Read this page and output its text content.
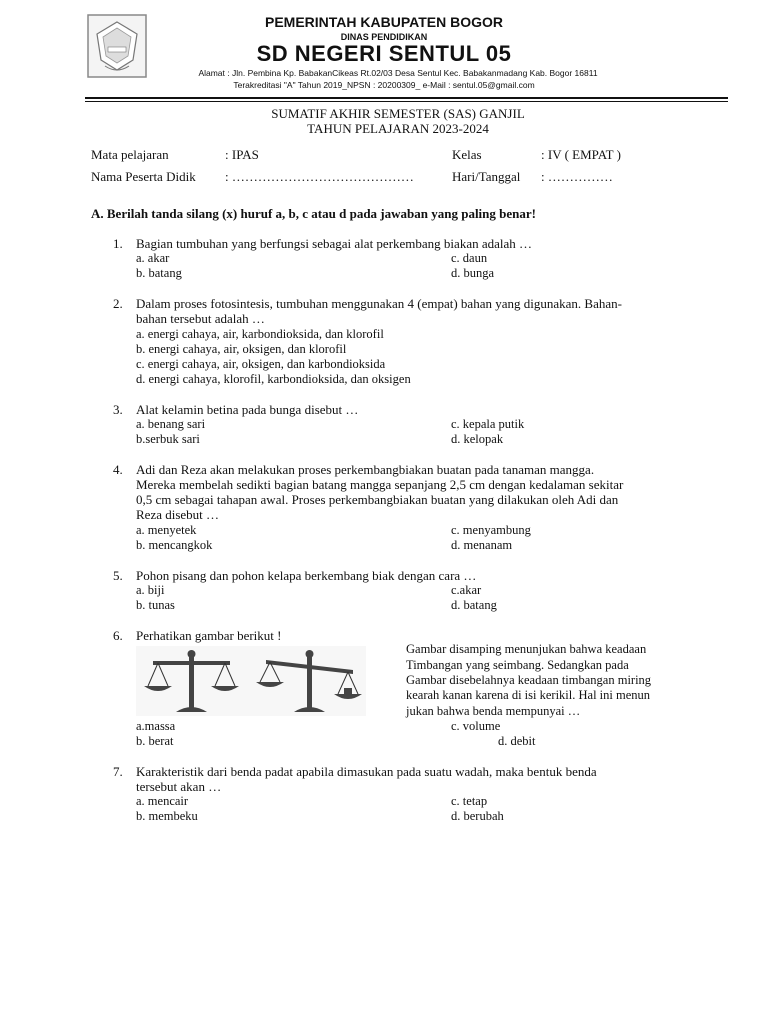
PEMERINTAH KABUPATEN BOGOR
DINAS PENDIDIKAN
SD NEGERI SENTUL 05
Alamat : Jln. Pembina Kp. BabakanCikeas Rt.02/03 Desa Sentul Kec. Babakanmadang Kab. Bogor 16811
Terakreditasi "A" Tahun 2019_NPSN : 20200309_ e-Mail : sentul.05@gmail.com
SUMATIF AKHIR SEMESTER (SAS) GANJIL
TAHUN PELAJARAN 2023-2024
Mata pelajaran	: IPAS	Kelas	: IV ( EMPAT )
Nama Peserta Didik : ……………………………………	Hari/Tanggal : ……………
A. Berilah tanda silang (x) huruf a, b, c atau d pada jawaban yang paling benar!
1. Bagian tumbuhan yang berfungsi sebagai alat perkembang biakan adalah …
a. akar	c. daun
b. batang	d. bunga
2. Dalam proses fotosintesis, tumbuhan menggunakan 4 (empat) bahan yang digunakan. Bahan-
bahan tersebut adalah …
a. energi cahaya, air, karbondioksida, dan klorofil
b. energi cahaya, air, oksigen, dan klorofil
c. energi cahaya, air, oksigen, dan karbondioksida
d. energi cahaya, klorofil, karbondioksida, dan oksigen
3. Alat kelamin betina pada bunga disebut …
a. benang sari	c. kepala putik
b.serbuk sari	d. kelopak
4. Adi dan Reza akan melakukan proses perkembangbiakan buatan pada tanaman mangga.
Mereka membelah sedikti bagian batang mangga sepanjang 2,5 cm dengan kedalaman sekitar
0,5 cm sebagai tahapan awal. Proses perkembangbiakan buatan yang dilakukan oleh Adi dan
Reza disebut …
a. menyetek	c. menyambung
b. mencangkok	d. menanam
5. Pohon pisang dan pohon kelapa berkembang biak dengan cara …
a. biji	c.akar
b. tunas	d. batang
6. Perhatikan gambar berikut !
Gambar disamping menunjukan bahwa keadaan
Timbangan yang seimbang. Sedangkan pada
Gambar disebelahnya keadaan timbangan miring
kearah kanan karena di isi kerikil. Hal ini menun
jukan bahwa benda mempunyai …
a.massa	c. volume
b. berat	d. debit
7. Karakteristik dari benda padat apabila dimasukan pada suatu wadah, maka bentuk benda
tersebut akan …
a. mencair	c. tetap
b. membeku	d. berubah
